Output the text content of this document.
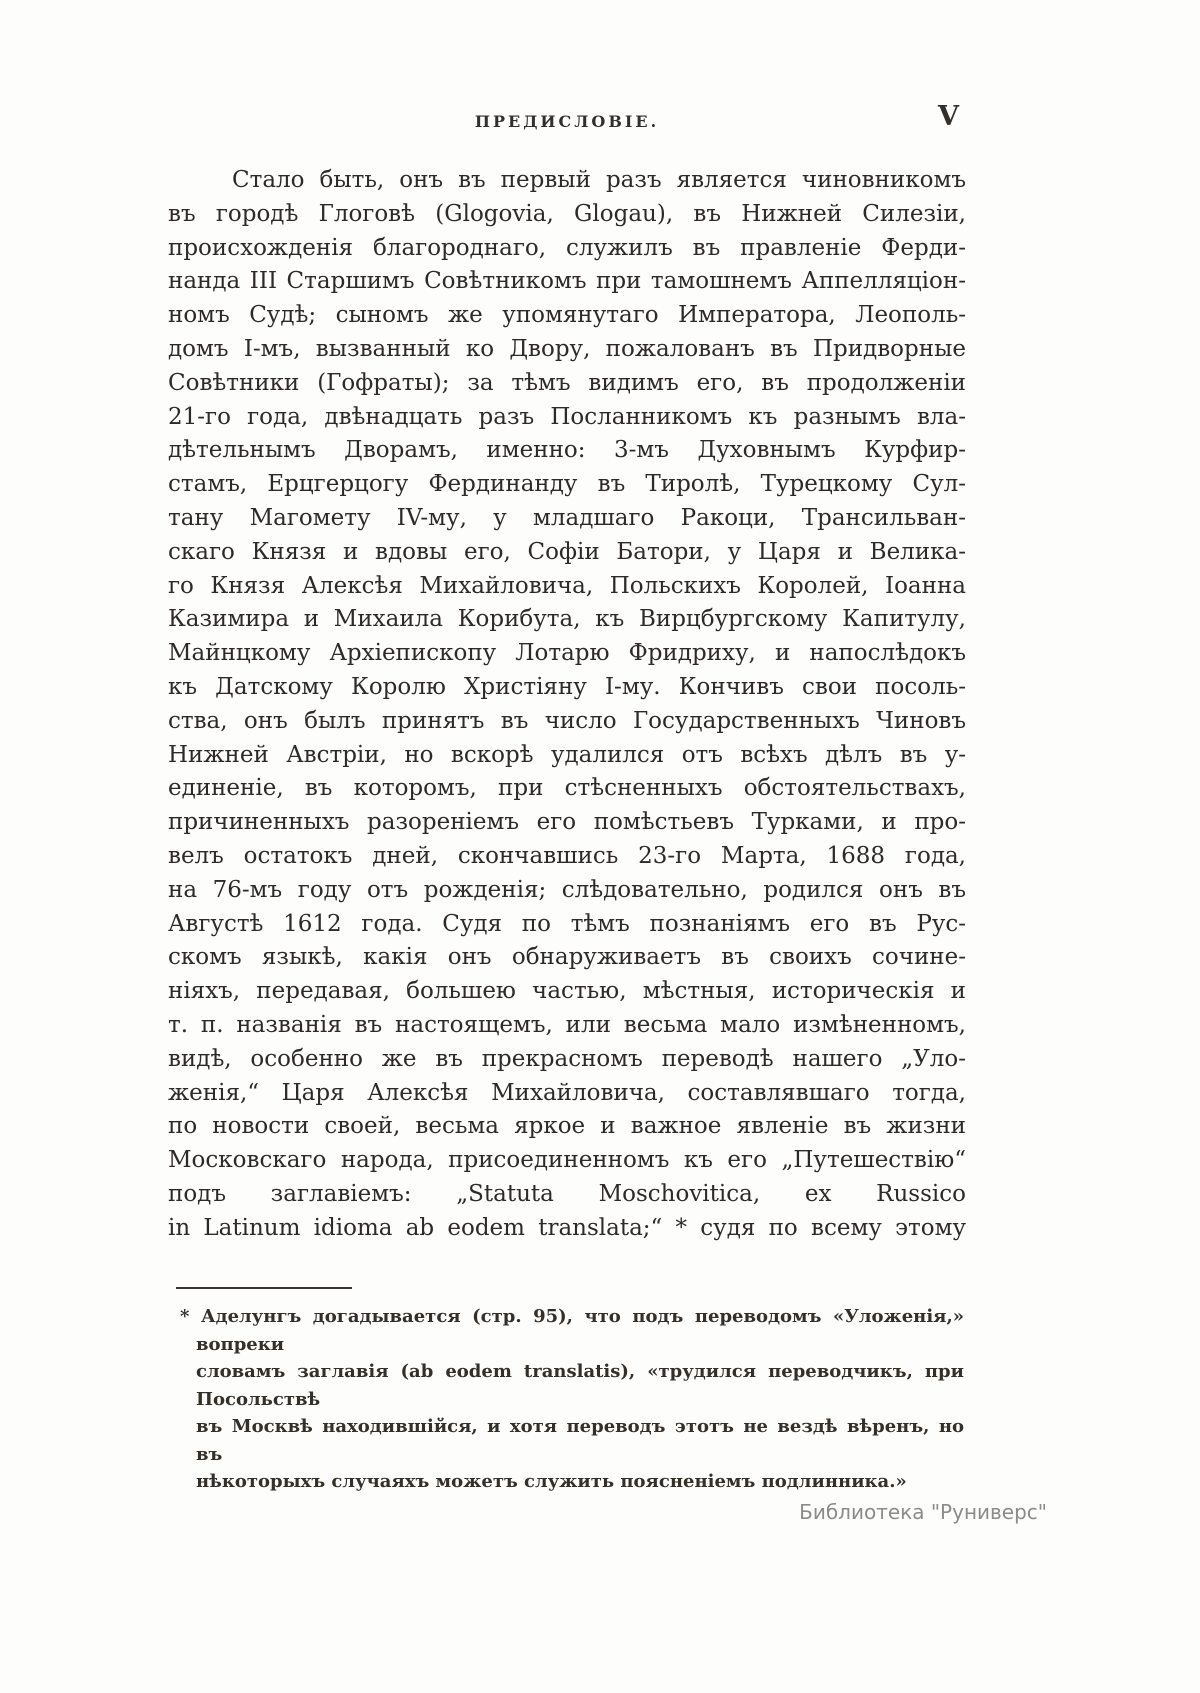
ПРЕДИСЛОВІЕ.	V
Стало быть, онъ въ первый разъ является чиновникомъ
въ городѣ Глоговѣ (Glogovia, Glogau), въ Нижней Силезіи,
происхожденія благороднаго, служилъ въ правленіе Ферди-
нанда III Старшимъ Совѣтникомъ при тамошнемъ Аппелляціон-
номъ Судѣ; сыномъ же упомянутаго Императора, Леополь-
домъ I-мъ, вызванный ко Двору, пожалованъ въ Придворные
Совѣтники (Гофраты); за тѣмъ видимъ его, въ продолженіи
21-го года, двѣнадцать разъ Посланникомъ къ разнымъ вла-
дѣтельнымъ Дворамъ, именно: 3-мъ Духовнымъ Курфир-
стамъ, Ерцгерцогу Фердинанду въ Тиролѣ, Турецкому Сул-
тану Магомету IV-му, у младшаго Ракоци, Трансильван-
скаго Князя и вдовы его, Софіи Батори, у Царя и Велика-
го Князя Алексѣя Михайловича, Польскихъ Королей, Іоанна
Казимира и Михаила Корибута, къ Вирцбургскому Капитулу,
Майнцкому Архіепископу Лотарю Фридриху, и напослѣдокъ
къ Датскому Королю Христіяну I-му. Кончивъ свои посоль-
ства, онъ былъ принятъ въ число Государственныхъ Чиновъ
Нижней Австріи, но вскорѣ удалился отъ всѣхъ дѣлъ въ у-
единеніе, въ которомъ, при стѣсненныхъ обстоятельствахъ,
причиненныхъ разореніемъ его помѣстьевъ Турками, и про-
велъ остатокъ дней, скончавшись 23-го Марта, 1688 года,
на 76-мъ году отъ рожденія; слѣдовательно, родился онъ въ
Августѣ 1612 года. Судя по тѣмъ познаніямъ его въ Рус-
скомъ языкѣ, какія онъ обнаруживаетъ въ своихъ сочине-
ніяхъ, передавая, большею частью, мѣстныя, историческія и
т. п. названія въ настоящемъ, или весьма мало измѣненномъ,
видѣ, особенно же въ прекрасномъ переводѣ нашего „Уло-
женія,“ Царя Алексѣя Михайловича, составлявшаго тогда,
по новости своей, весьма яркое и важное явленіе въ жизни
Московскаго народа, присоединенномъ къ его „Путешествію“
подъ заглавіемъ: „Statuta Moschovitica, ex Russico
in Latinum idioma ab eodem translata;“ * судя по всему этому
* Аделунгъ догадывается (стр. 95), что подъ переводомъ «Уложенія,» вопреки
словамъ заглавія (ab eodem translatis), «трудился переводчикъ, при Посольствѣ
въ Москвѣ находившійся, и хотя переводъ этотъ не вездѣ вѣренъ, но въ
нѣкоторыхъ случаяхъ можетъ служить поясненіемъ подлинника.»
Библиотека "Руниверс"
